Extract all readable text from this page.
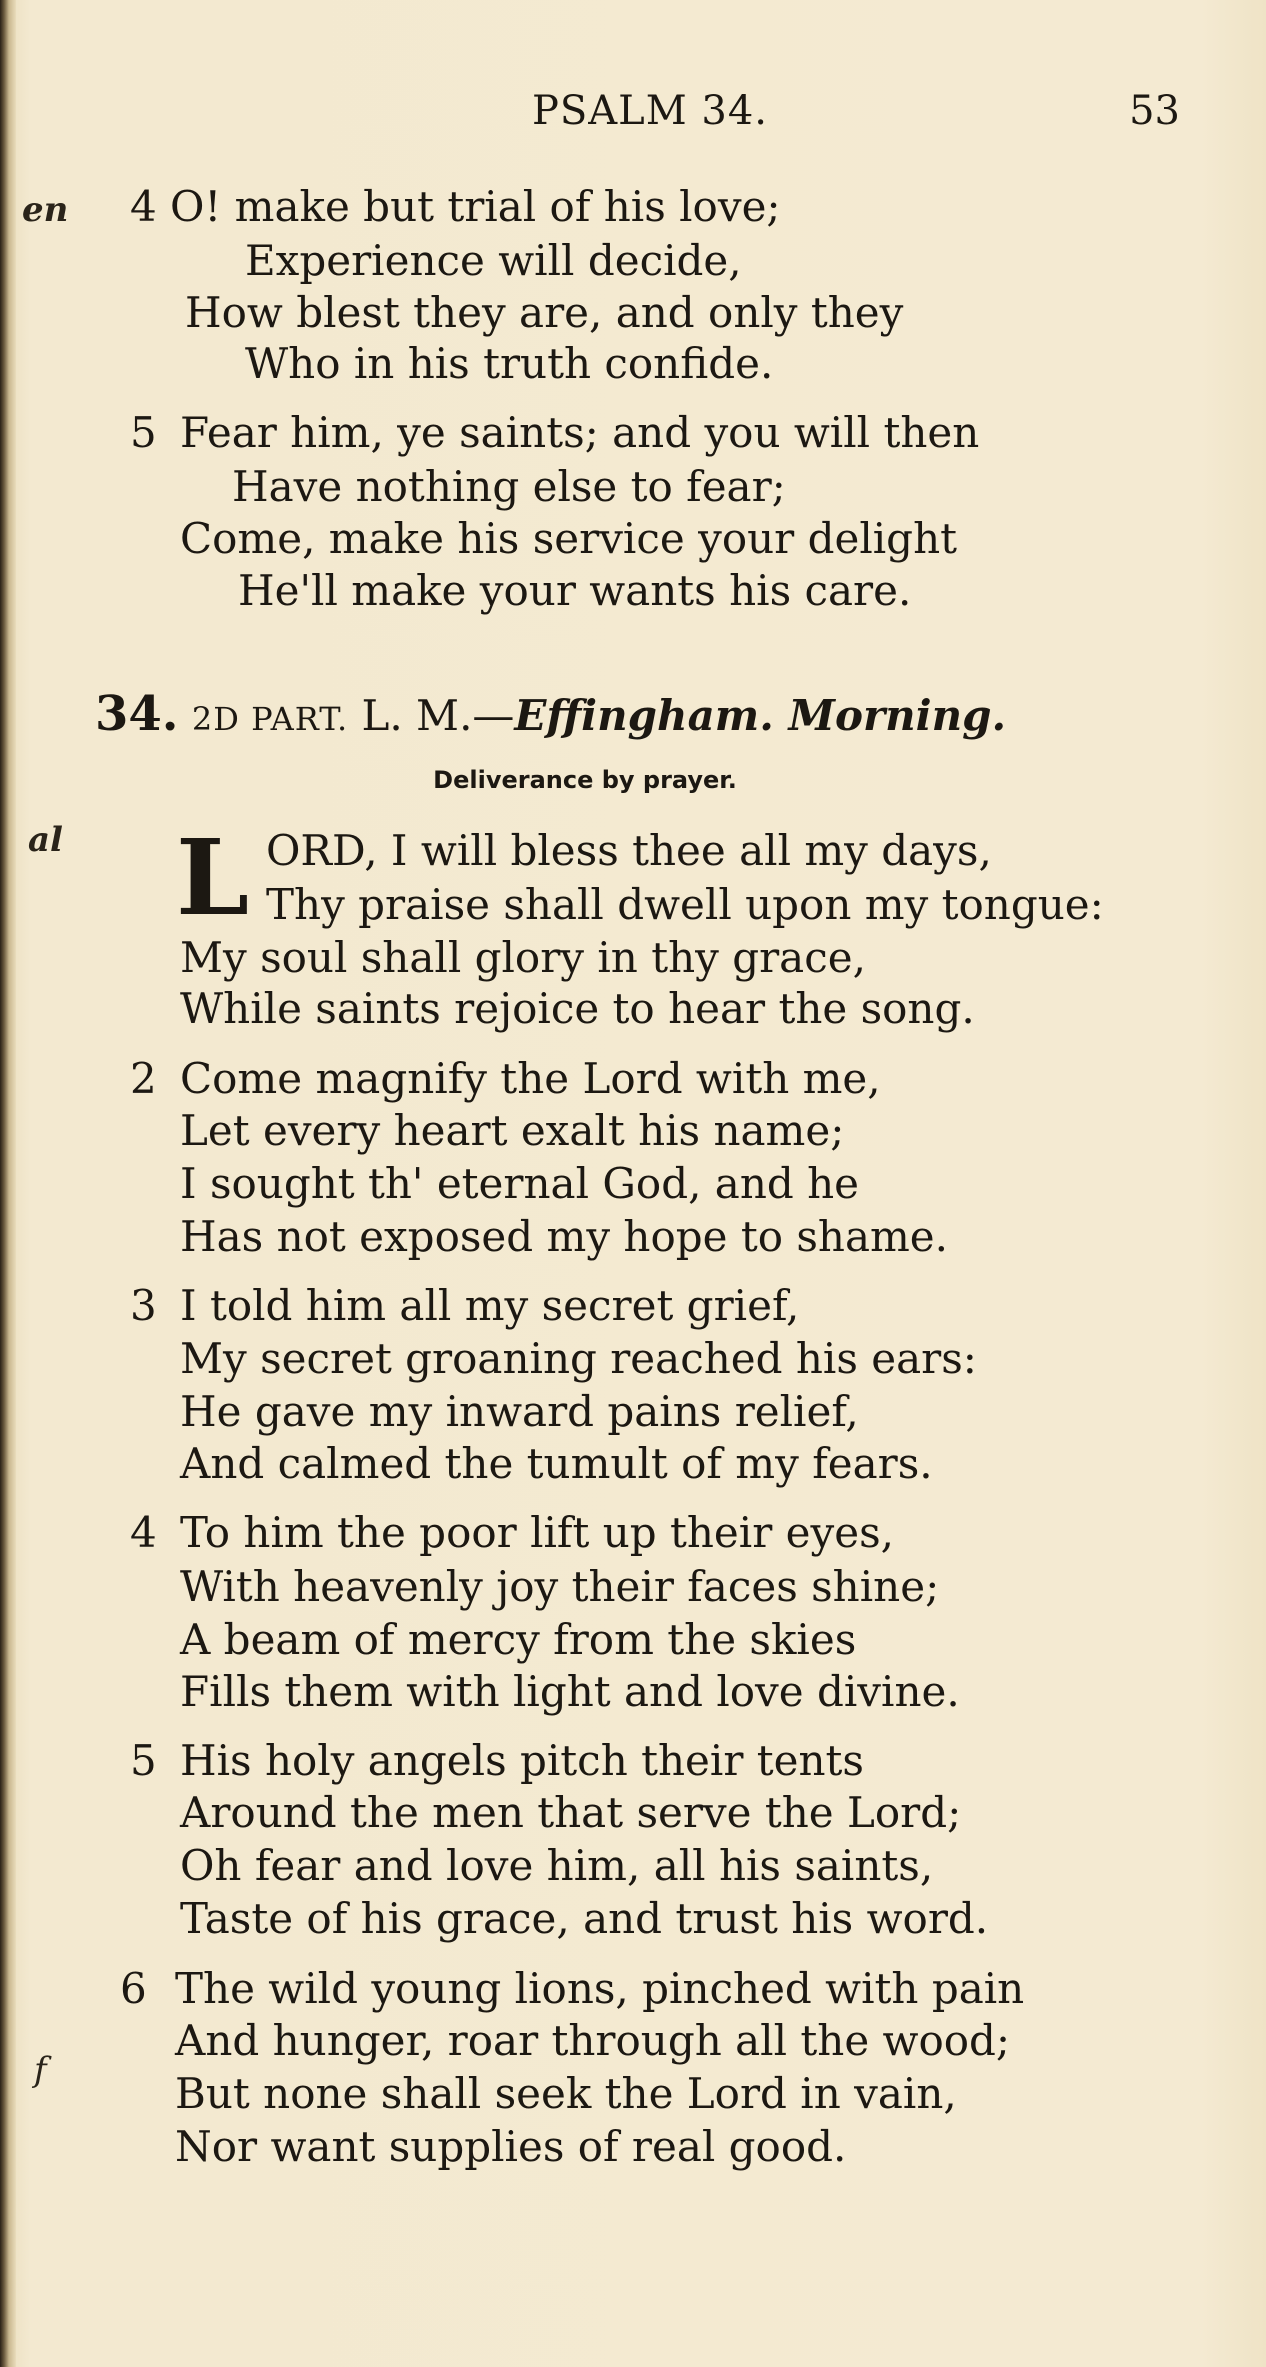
PSALM 34.	53
en
al
f
4 O! make but trial of his love;
Experience will decide,
How blest they are, and only they
Who in his truth confide.
5 Fear him, ye saints; and you will then
Have nothing else to fear;
Come, make his service your delight
He'll make your wants his care.
34. 2D PART. L. M.—Effingham. Morning.
Deliverance by prayer.
L ORD, I will bless thee all my days,
Thy praise shall dwell upon my tongue:
My soul shall glory in thy grace,
While saints rejoice to hear the song.
2 Come magnify the Lord with me,
Let every heart exalt his name;
I sought th' eternal God, and he
Has not exposed my hope to shame.
3 I told him all my secret grief,
My secret groaning reached his ears:
He gave my inward pains relief,
And calmed the tumult of my fears.
4 To him the poor lift up their eyes,
With heavenly joy their faces shine;
A beam of mercy from the skies
Fills them with light and love divine.
5 His holy angels pitch their tents
Around the men that serve the Lord;
Oh fear and love him, all his saints,
Taste of his grace, and trust his word.
6 The wild young lions, pinched with pain
And hunger, roar through all the wood;
But none shall seek the Lord in vain,
Nor want supplies of real good.
